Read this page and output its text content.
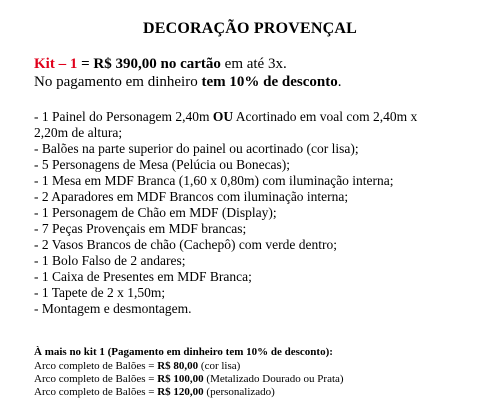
DECORAÇÃO PROVENÇAL
Kit – 1 = R$ 390,00 no cartão em até 3x.
No pagamento em dinheiro tem 10% de desconto.

- 1 Painel do Personagem 2,40m OU Acortinado em voal com 2,40m x 2,20m de altura;

- Balões na parte superior do painel ou acortinado (cor lisa);

- 5 Personagens de Mesa (Pelúcia ou Bonecas);

- 1 Mesa em MDF Branca (1,60 x 0,80m) com iluminação interna;

- 2 Aparadores em MDF Brancos com iluminação interna;

- 1 Personagem de Chão em MDF (Display);

- 7 Peças Provençais em MDF brancas;

- 2 Vasos Brancos de chão (Cachepô) com verde dentro;

- 1 Bolo Falso de 2 andares;

- 1 Caixa de Presentes em MDF Branca;

- 1 Tapete de 2 x 1,50m;

- Montagem e desmontagem.

À mais no kit 1 (Pagamento em dinheiro tem 10% de desconto):

Arco completo de Balões = R$ 80,00 (cor lisa)

Arco completo de Balões = R$ 100,00 (Metalizado Dourado ou Prata)

Arco completo de Balões = R$ 120,00 (personalizado)
